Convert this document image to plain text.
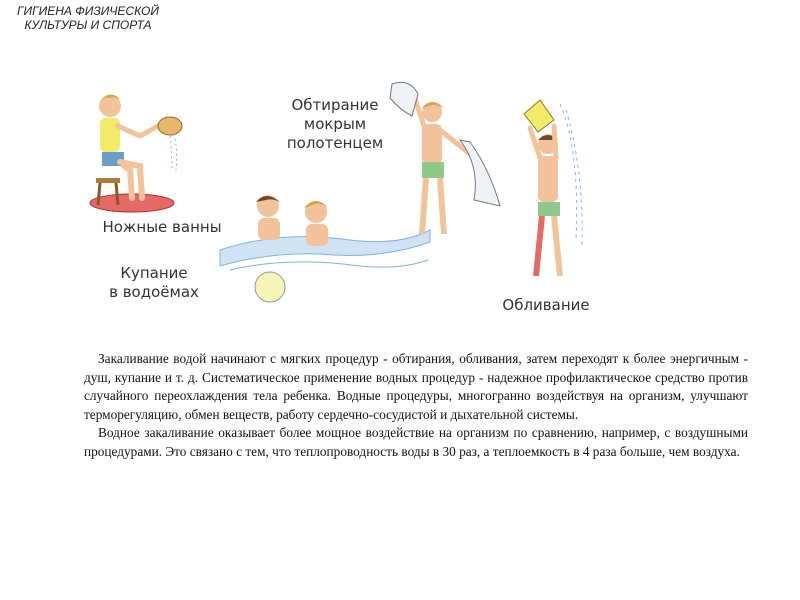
ГИГИЕНА ФИЗИЧЕСКОЙ
КУЛЬТУРЫ И СПОРТА
Ножные ванны
Купание
в водоёмах
Обтирание
мокрым
полотенцем
Обливание

Закаливание водой начинают с мягких процедур - обтирания, обливания, затем переходят к более энергичным - душ, купание и т. д. Систематическое применение водных процедур - надежное профилактическое средство против случайного переохлаждения тела ребенка. Водные процедуры, многогранно воздействуя на организм, улучшают терморегуляцию, обмен веществ, работу сердечно-сосудистой и дыхательной системы.

Водное закаливание оказывает более мощное воздействие на организм по сравнению, например, с воздушными процедурами. Это связано с тем, что теплопроводность воды в 30 раз, а теплоемкость в 4 раза больше, чем воздуха.
